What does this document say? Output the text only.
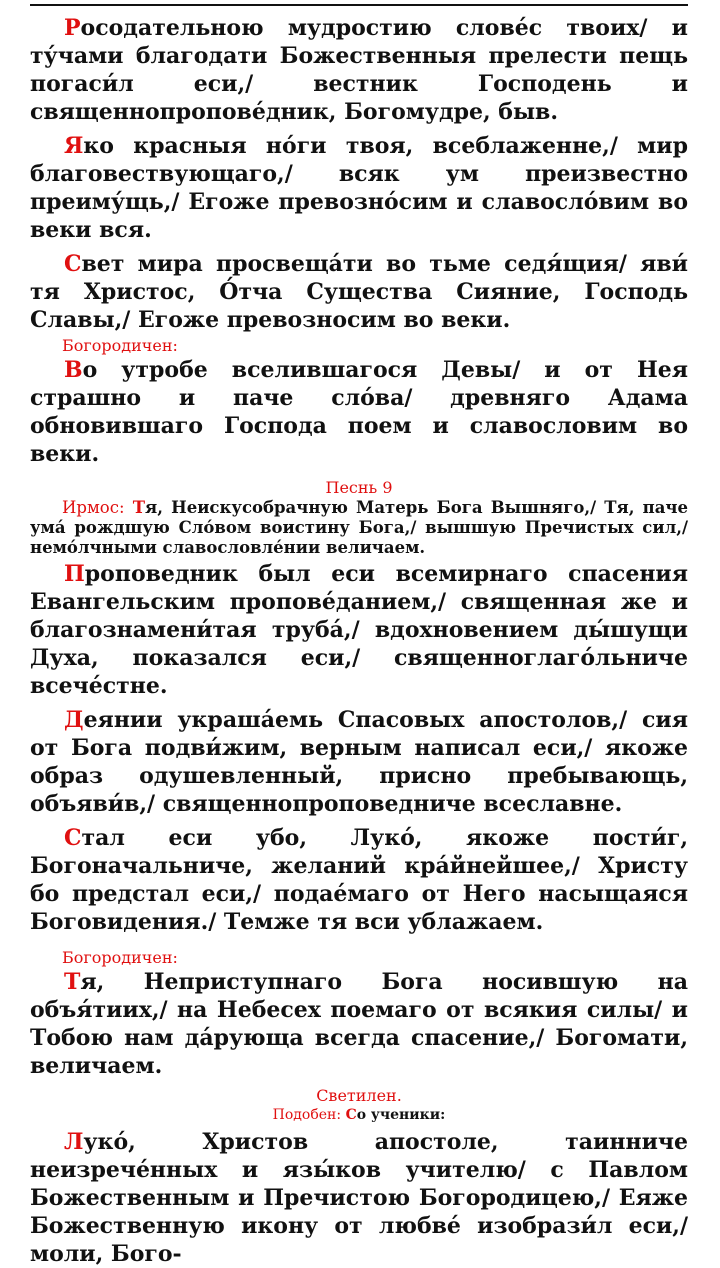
Росодательною мудростию слове́с твоих/ и ту́чами благодати Божественныя прелести пещь погаси́л еси,/ вестник Господень и священнопропове́дник, Богомудре, быв.

Яко красныя но́ги твоя, всеблаженне,/ мир благовествующаго,/ всяк ум преизвестно преиму́щь,/ Егоже превозно́сим и славосло́вим во веки вся.

Свет мира просвеща́ти во тьме седя́щия/ яви́ тя Христос, О́тча Существа Сияние, Господь Славы,/ Егоже превозносим во веки.

Богородичен:

Во утробе вселившагося Девы/ и от Нея страшно и паче сло́ва/ древняго Адама обновившаго Господа поем и славословим во веки.

Песнь 9

Ирмос: Тя, Неискусобрачную Матерь Бога Вышняго,/ Тя, паче ума́ рождшую Сло́вом воистину Бога,/ вышшую Пречистых сил,/ немо́лчными славословле́нии величаем.

Проповедник был еси всемирнаго спасения Евангельским пропове́данием,/ священная же и благознамени́тая труба́,/ вдохновением ды́шущи Духа, показался еси,/ священноглаго́льниче всече́стне.

Деянии украша́емь Спасовых апостолов,/ сия от Бога подви́жим, верным написал еси,/ якоже образ одушевленный, присно пребывающь, объяви́в,/ священнопроповедниче всеславне.

Стал еси убо, Луко́, якоже пости́г, Богоначальниче, желаний кра́йнейшее,/ Христу бо предстал еси,/ подае́маго от Него насыщаяся Боговидения./ Темже тя вси ублажаем.

Богородичен:

Тя, Неприступнаго Бога носившую на объя́тиих,/ на Небесех поемаго от всякия силы/ и Тобою нам да́рующа всегда спасение,/ Богомати, величаем.

Светилен.

Подобен: Со ученики:

Луко́, Христов апостоле, таинниче неизрече́нных и язы́ков учителю/ с Павлом Божественным и Пречистою Богородицею,/ Еяже Божественную икону от любве́ изобрази́л еси,/ моли, Бого-
